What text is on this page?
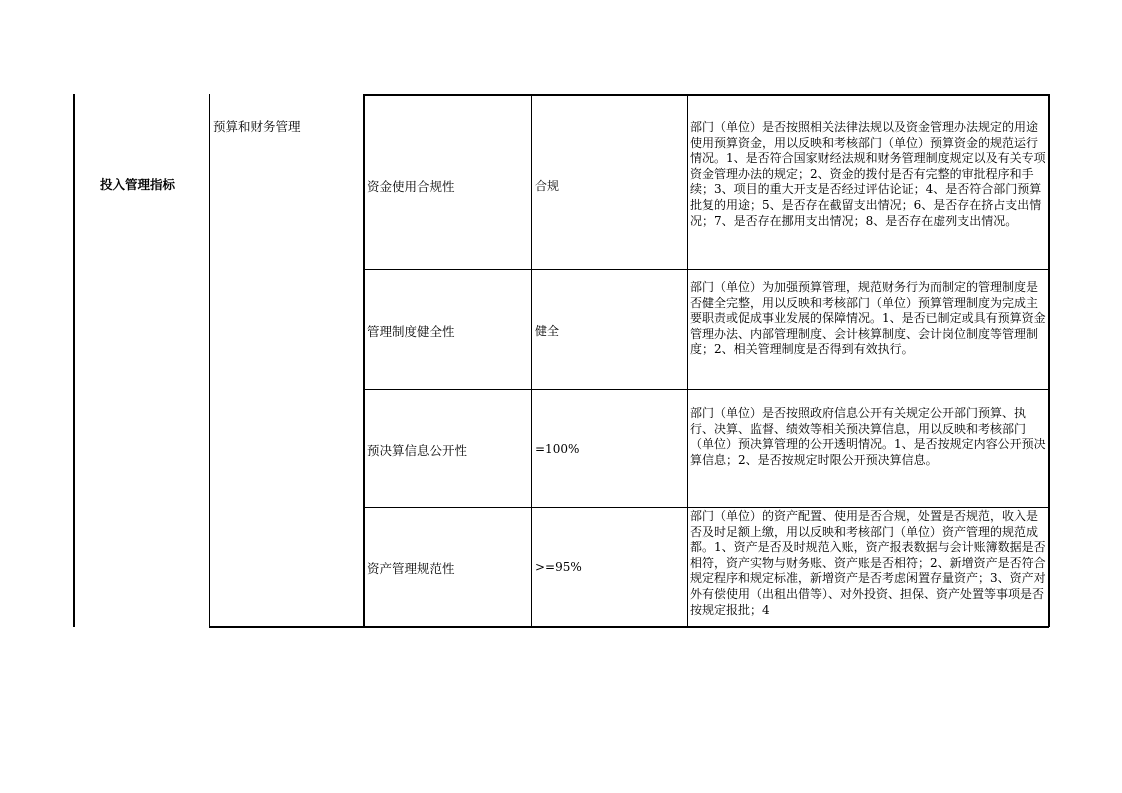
投入管理指标
预算和财务管理
资金使用合规性	合规
部门（单位）是否按照相关法律法规以及资金管理办法规定的用途使用预算资金，用以反映和考核部门（单位）预算资金的规范运行情况。1、是否符合国家财经法规和财务管理制度规定以及有关专项资金管理办法的规定；2、资金的拨付是否有完整的审批程序和手续；3、项目的重大开支是否经过评估论证；4、是否符合部门预算批复的用途；5、是否存在截留支出情况；6、是否存在挤占支出情况；7、是否存在挪用支出情况；8、是否存在虚列支出情况。
管理制度健全性	健全
部门（单位）为加强预算管理，规范财务行为而制定的管理制度是否健全完整，用以反映和考核部门（单位）预算管理制度为完成主要职责或促成事业发展的保障情况。1、是否已制定或具有预算资金管理办法、内部管理制度、会计核算制度、会计岗位制度等管理制度；2、相关管理制度是否得到有效执行。
预决算信息公开性	=100%
部门（单位）是否按照政府信息公开有关规定公开部门预算、执行、决算、监督、绩效等相关预决算信息，用以反映和考核部门（单位）预决算管理的公开透明情况。1、是否按规定内容公开预决算信息；2、是否按规定时限公开预决算信息。
资产管理规范性	>=95%
部门（单位）的资产配置、使用是否合规，处置是否规范，收入是否及时足额上缴，用以反映和考核部门（单位）资产管理的规范成都。1、资产是否及时规范入账，资产报表数据与会计账簿数据是否相符，资产实物与财务账、资产账是否相符；2、新增资产是否符合规定程序和规定标准，新增资产是否考虑闲置存量资产；3、资产对外有偿使用（出租出借等）、对外投资、担保、资产处置等事项是否按规定报批；4
